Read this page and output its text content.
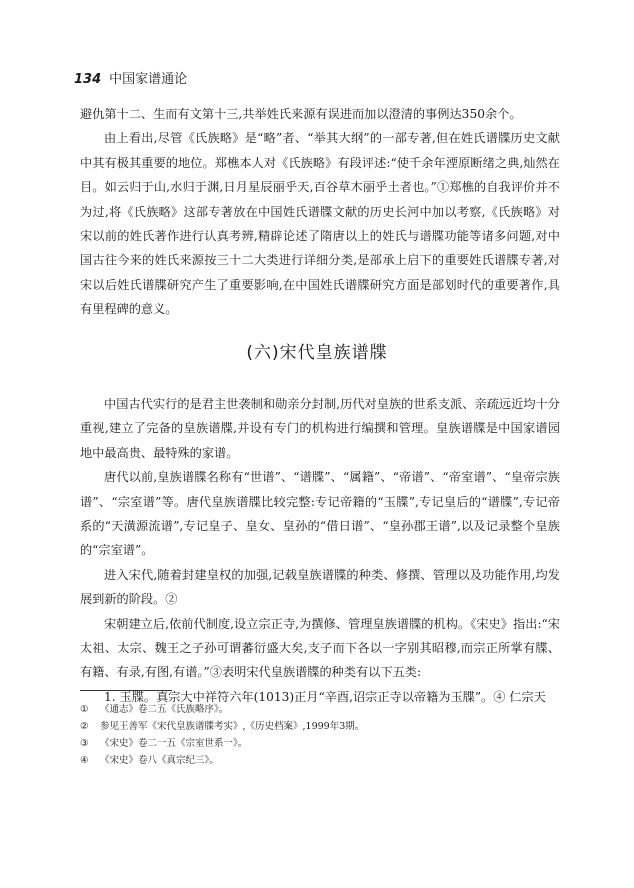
134 中国家谱通论

避仇第十二、生而有文第十三,共举姓氏来源有误进而加以澄清的事例达350余个。

由上看出,尽管《氏族略》是“略”者、“举其大纲”的一部专著,但在姓氏谱牒历史文献中其有极其重要的地位。郑樵本人对《氏族略》有段评述:“使千余年湮原断绪之典,灿然在目。如云归于山,水归于渊,日月星辰丽乎天,百谷草木丽乎土者也。”①郑樵的自我评价并不为过,将《氏族略》这部专著放在中国姓氏谱牒文献的历史长河中加以考察,《氏族略》对宋以前的姓氏著作进行认真考辨,精辟论述了隋唐以上的姓氏与谱牒功能等诸多问题,对中国古往今来的姓氏来源按三十二大类进行详细分类,是部承上启下的重要姓氏谱牒专著,对宋以后姓氏谱牒研究产生了重要影响,在中国姓氏谱牒研究方面是部划时代的重要著作,具有里程碑的意义。

(六)宋代皇族谱牒

中国古代实行的是君主世袭制和勋亲分封制,历代对皇族的世系支派、亲疏远近均十分重视,建立了完备的皇族谱牒,并设有专门的机构进行编撰和管理。皇族谱牒是中国家谱园地中最高贵、最特殊的家谱。

唐代以前,皇族谱牒名称有“世谱”、“谱牒”、“属籍”、“帝谱”、“帝室谱”、“皇帝宗族谱”、“宗室谱”等。唐代皇族谱牒比较完整:专记帝籍的“玉牒”,专记皇后的“谱牒”,专记帝系的“天潢源流谱”,专记皇子、皇女、皇孙的“借日谱”、“皇孙郡王谱”,以及记录整个皇族的“宗室谱”。

进入宋代,随着封建皇权的加强,记载皇族谱牒的种类、修撰、管理以及功能作用,均发展到新的阶段。②

宋朝建立后,依前代制度,设立宗正寺,为撰修、管理皇族谱牒的机构。《宋史》指出:“宋太祖、太宗、魏王之子孙可谓蕃衍盛大矣,支子而下各以一字别其昭穆,而宗正所掌有牒、有籍、有录,有图,有谱。”③表明宋代皇族谱牒的种类有以下五类:

1. 玉牒。真宗大中祥符六年(1013)正月“辛酉,诏宗正寺以帝籍为玉牒”。④ 仁宗天

① 《通志》卷二五《氏族略序》。
② 参见王善军《宋代皇族谱牒考实》,《历史档案》,1999年3期。
③ 《宋史》卷二一五《宗室世系一》。
④ 《宋史》卷八《真宗纪三》。
